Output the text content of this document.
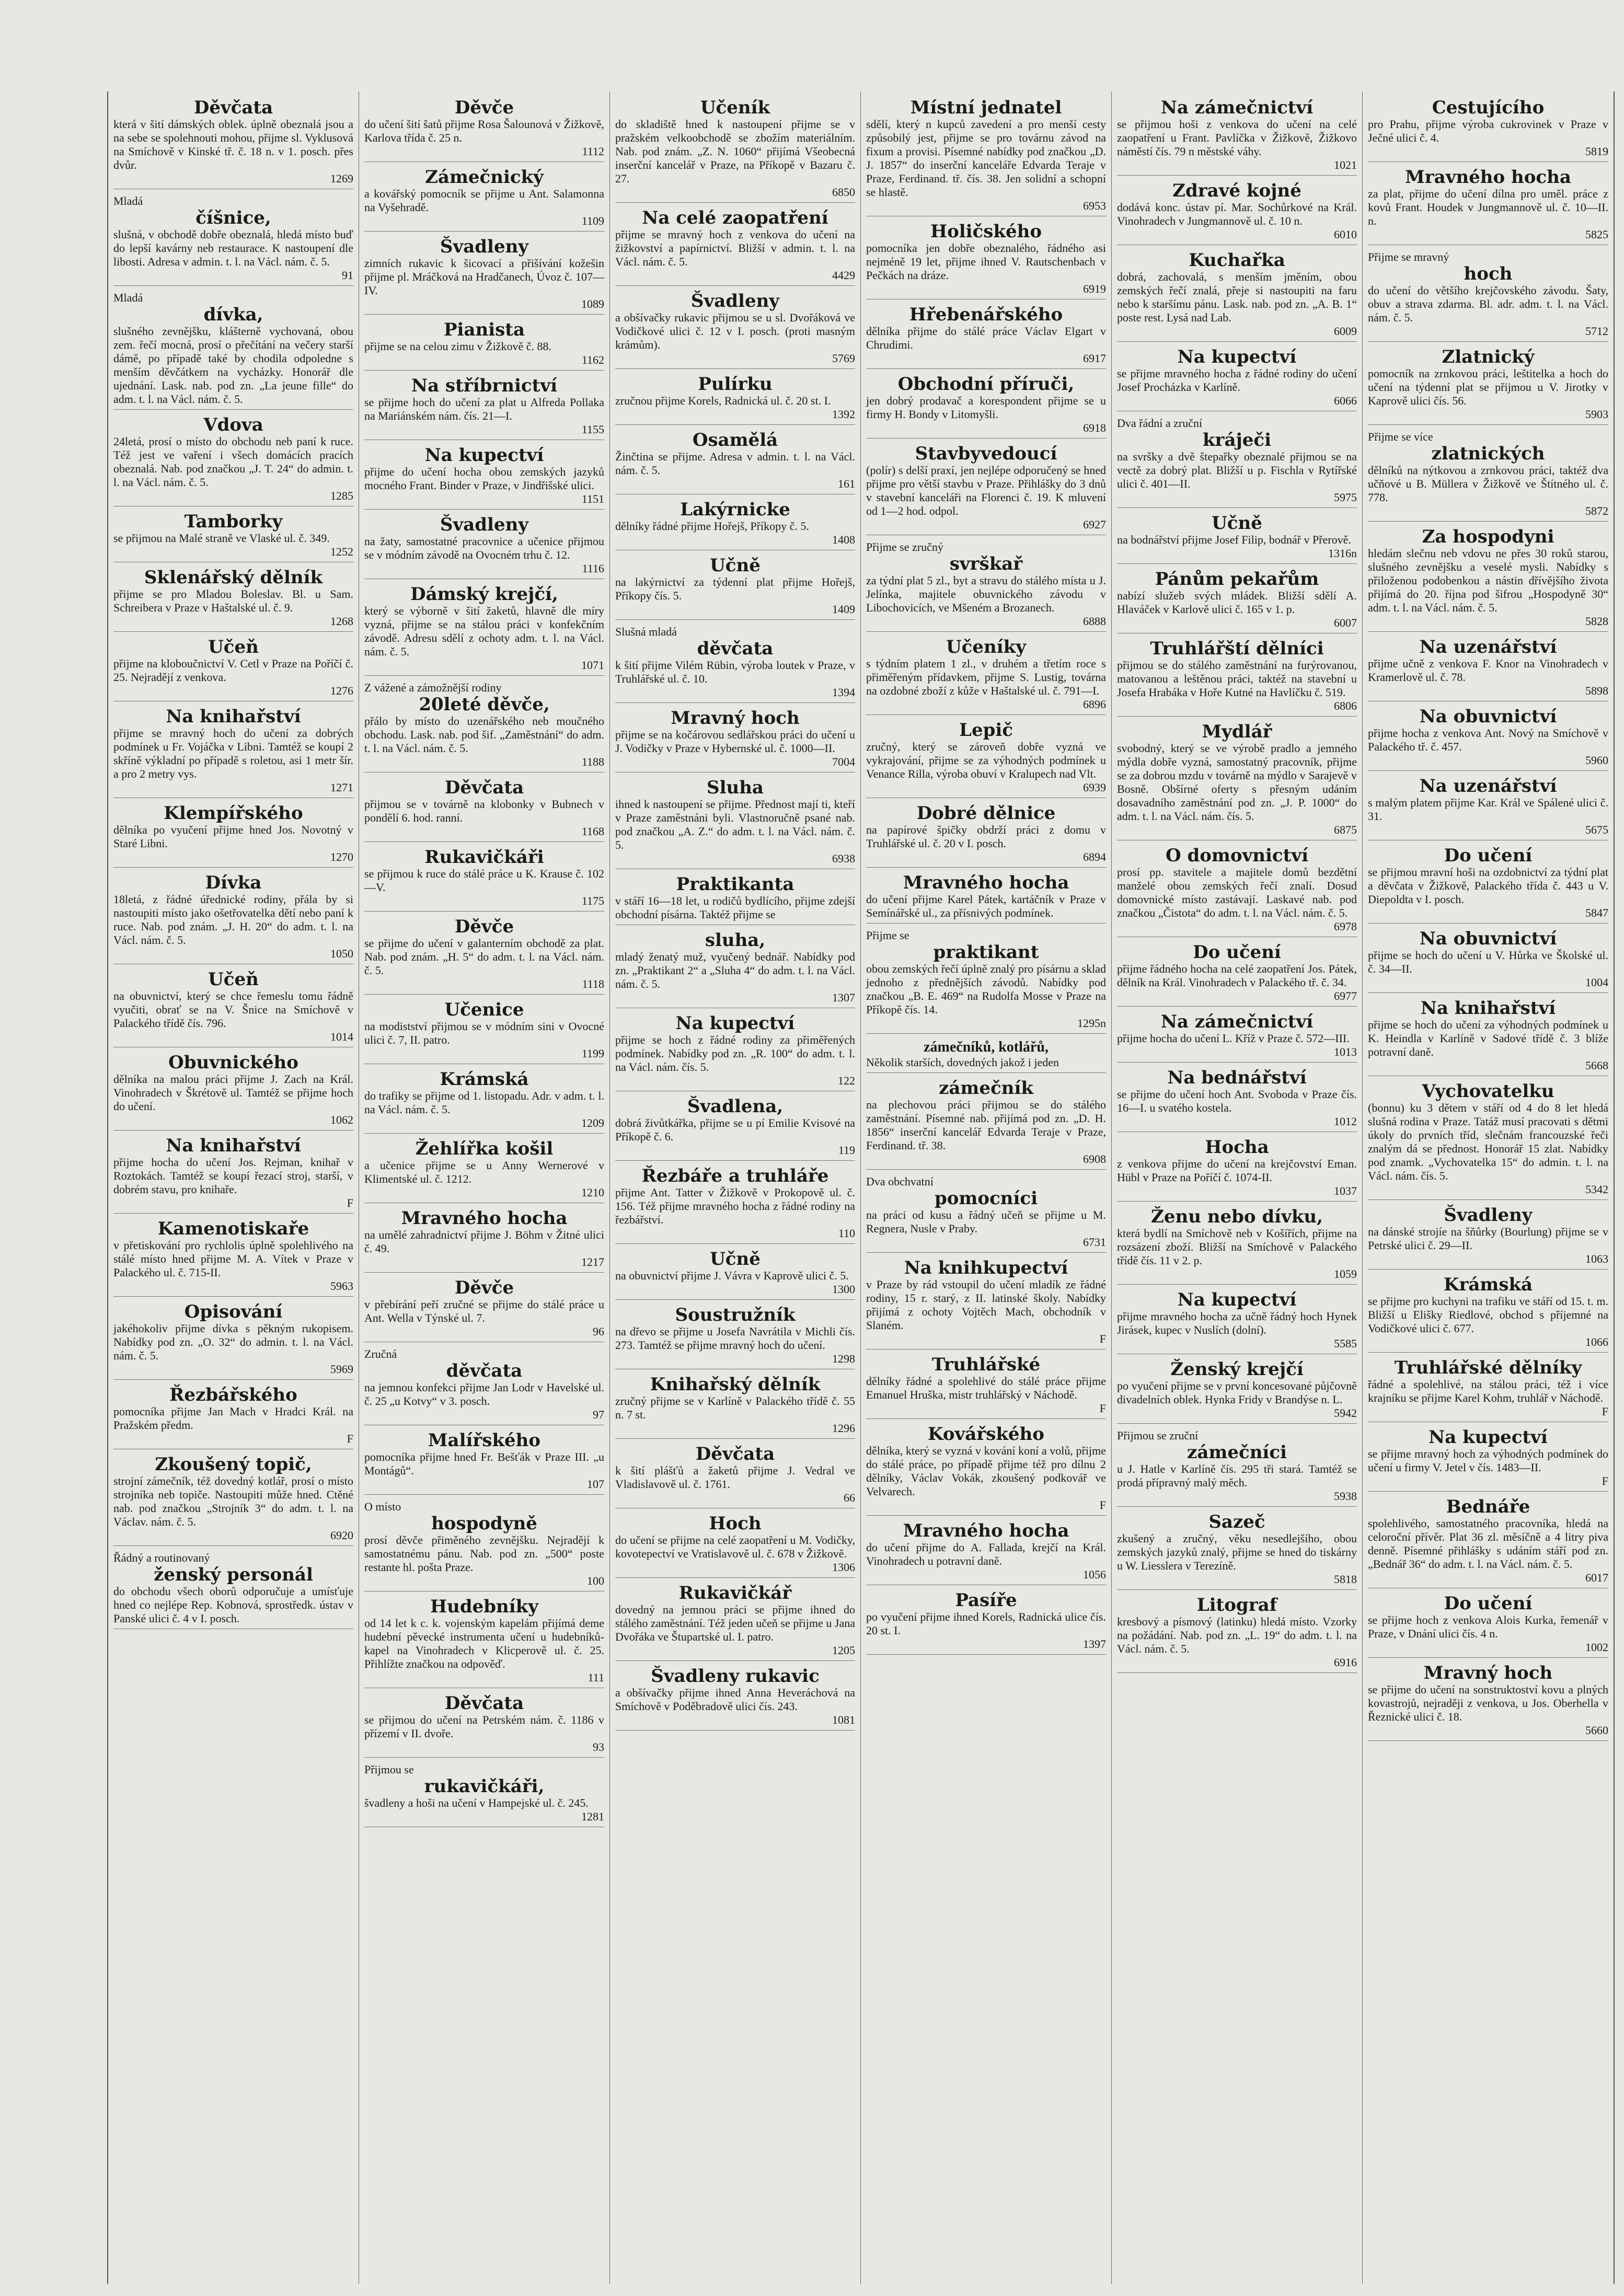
Děvčata
která v šití dámských oblek. úplně obeznalá jsou a na sebe se spolehnouti mohou, přijme sl. Vyklusová na Smíchově v Kinské tř. č. 18 n. v 1. posch. přes dvůr.
1269
Mladá
číšnice,
slušná, v obchodě dobře obeznalá, hledá místo buď do lepší kavárny neb restaurace. K nastoupení dle libosti. Adresa v admin. t. l. na Václ. nám. č. 5.
91
Mladá
dívka,
slušného zevnějšku, klášterně vychovaná, obou zem. řečí mocná, prosí o přečítání na večery starší dámě, po případě také by chodila odpoledne s menším děvčátkem na vycházky. Honorář dle ujednání. Lask. nab. pod zn. „La jeune fille“ do adm. t. l. na Václ. nám. č. 5.
Vdova
24letá, prosí o místo do obchodu neb paní k ruce. Též jest ve vaření i všech domácích pracích obeznalá. Nab. pod značkou „J. T. 24“ do admin. t. l. na Václ. nám. č. 5.
1285
Tamborky
se přijmou na Malé straně ve Vlaské ul. č. 349.
1252
Sklenářský dělník
přijme se pro Mladou Boleslav. Bl. u Sam. Schreibera v Praze v Haštalské ul. č. 9.
1268
Učeň
přijme na kloboučnictví V. Cetl v Praze na Poříčí č. 25. Nejradějí z venkova.
1276
Na knihařství
přijme se mravný hoch do učení za dobrých podmínek u Fr. Vojáčka v Libni. Tamtéž se koupí 2 skříně výkladní po případě s roletou, asi 1 metr šír. a pro 2 metry vys.
1271
Klempířského
dělníka po vyučení přijme hned Jos. Novotný v Staré Libni.
1270
Dívka
18letá, z řádné úřednické rodiny, přála by si nastoupiti místo jako ošetřovatelka dětí nebo paní k ruce. Nab. pod znám. „J. H. 20“ do adm. t. l. na Václ. nám. č. 5.
1050
Učeň
na obuvnictví, který se chce řemeslu tomu řádně vyučiti, obrať se na V. Šnice na Smíchově v Palackého třídě čís. 796.
1014
Obuvnického
dělníka na malou práci přijme J. Zach na Král. Vinohradech v Škrétově ul. Tamtéž se přijme hoch do učení.
1062
Na knihařství
přijme hocha do učení Jos. Rejman, knihař v Roztokách. Tamtéž se koupí řezací stroj, starší, v dobrém stavu, pro knihaře.
F
Kamenotiskaře
v přetiskování pro rychlolis úplně spolehlivého na stálé místo hned přijme M. A. Vítek v Praze v Palackého ul. č. 715-II.
5963
Opisování
jakéhokoliv přijme dívka s pěkným rukopisem. Nabídky pod zn. „O. 32“ do admin. t. l. na Václ. nám. č. 5.
5969
Řezbářského
pomocníka přijme Jan Mach v Hradci Král. na Pražském předm.
F
Zkoušený topič,
strojní zámečník, též dovedný kotlář, prosí o místo strojníka neb topiče. Nastoupiti může hned. Ctěné nab. pod značkou „Strojník 3“ do adm. t. l. na Václav. nám. č. 5.
6920
Řádný a routinovaný
ženský personál
do obchodu všech oborů odporučuje a umísťuje hned co nejlépe Rep. Kobnová, sprostředk. ústav v Panské ulici č. 4 v I. posch.
Děvče
do učení šití šatů přijme Rosa Šalounová v Žižkově, Karlova třída č. 25 n.
1112
Zámečnický
a kovářský pomocník se přijme u Ant. Salamonna na Vyšehradě.
1109
Švadleny
zimních rukavic k šicovací a přišívání kožešin přijme pl. Mráčková na Hradčanech, Úvoz č. 107—IV.
1089
Pianista
přijme se na celou zimu v Žižkově č. 88.
1162
Na stříbrnictví
se přijme hoch do učení za plat u Alfreda Pollaka na Mariánském nám. čís. 21—I.
1155
Na kupectví
přijme do učení hocha obou zemských jazyků mocného Frant. Binder v Praze, v Jindřišské ulici.
1151
Švadleny
na žaty, samostatné pracovnice a učenice přijmou se v módním závodě na Ovocném trhu č. 12.
1116
Dámský krejčí,
který se výborně v šití žaketů, hlavně dle míry vyzná, přijme se na stálou práci v konfekčním závodě. Adresu sdělí z ochoty adm. t. l. na Václ. nám. č. 5.
1071
Z vážené a zámožnější rodiny
20leté děvče,
přálo by místo do uzenářského neb moučného obchodu. Lask. nab. pod šif. „Zaměstnání“ do adm. t. l. na Václ. nám. č. 5.
1188
Děvčata
přijmou se v továrně na klobonky v Bubnech v pondělí 6. hod. ranní.
1168
Rukavičkáři
se přijmou k ruce do stálé práce u K. Krause č. 102—V.
1175
Děvče
se přijme do učení v galanterním obchodě za plat. Nab. pod znám. „H. 5“ do adm. t. l. na Václ. nám. č. 5.
1118
Učenice
na modistství přijmou se v módním sini v Ovocné ulici č. 7, II. patro.
1199
Krámská
do trafiky se přijme od 1. listopadu. Adr. v adm. t. l. na Václ. nám. č. 5.
1209
Žehlířka košil
a učenice přijme se u Anny Wernerové v Klimentské ul. č. 1212.
1210
Mravného hocha
na umělé zahradnictví přijme J. Böhm v Žitné ulici č. 49.
1217
Děvče
v přebírání peří zručné se přijme do stálé práce u Ant. Wella v Týnské ul. 7.
96
Zručná
děvčata
na jemnou konfekci přijme Jan Lodr v Havelské ul. č. 25 „u Kotvy“ v 3. posch.
97
Malířského
pomocníka přijme hned Fr. Bešťák v Praze III. „u Montágů“.
107
O místo
hospodyně
prosí děvče přiměného zevnějšku. Nejradějí k samostatnému pánu. Nab. pod zn. „500“ poste restante hl. pošta Praze.
100
Hudebníky
od 14 let k c. k. vojenským kapelám přijímá deme hudební pěvecké instrumenta učení u hudebníků-kapel na Vinohradech v Klicperově ul. č. 25. Přihlížte značkou na odpověď.
111
Děvčata
se přijmou do učení na Petrském nám. č. 1186 v přízemí v II. dvoře.
93
Přijmou se
rukavičkáři,
švadleny a hoši na učení v Hampejské ul. č. 245.
1281
Učeník
do skladiště hned k nastoupení přijme se v pražském velkoobchodě se zbožím materiálním. Nab. pod znám. „Z. N. 1060“ přijímá Všeobecná inserční kancelář v Praze, na Příkopě v Bazaru č. 27.
6850
Na celé zaopatření
přijme se mravný hoch z venkova do učení na žižkovství a papírnictví. Bližší v admin. t. l. na Václ. nám. č. 5.
4429
Švadleny
a obšívačky rukavic přijmou se u sl. Dvořáková ve Vodičkové ulici č. 12 v I. posch. (proti masným krámům).
5769
Pulírku
zručnou přijme Korels, Radnická ul. č. 20 st. I.
1392
Osamělá
Žinčtina se přijme. Adresa v admin. t. l. na Václ. nám. č. 5.
161
Lakýrnicke
dělníky řádné přijme Hořejš, Příkopy č. 5.
1408
Učně
na lakýrnictví za týdenní plat přijme Hořejš, Příkopy čís. 5.
1409
Slušná mladá
děvčata
k šití přijme Vilém Rübin, výroba loutek v Praze, v Truhlářské ul. č. 10.
1394
Mravný hoch
přijme se na kočárovou sedlářskou práci do učení u J. Vodičky v Praze v Hybernské ul. č. 1000—II.
7004
Sluha
ihned k nastoupení se přijme. Přednost mají ti, kteří v Praze zaměstnáni byli. Vlastnoručně psané nab. pod značkou „A. Z.“ do adm. t. l. na Václ. nám. č. 5.
6938
Praktikanta
v stáří 16—18 let, u rodičů bydlícího, přijme zdejší obchodní písárna. Taktéž přijme se
sluha,
mladý ženatý muž, vyučený bednář. Nabídky pod zn. „Praktikant 2“ a „Sluha 4“ do adm. t. l. na Václ. nám. č. 5.
1307
Na kupectví
přijme se hoch z řádné rodiny za přiměřených podmínek. Nabídky pod zn. „R. 100“ do adm. t. l. na Václ. nám. čís. 5.
122
Švadlena,
dobrá živůtkářka, přijme se u pí Emilie Kvisové na Příkopě č. 6.
119
Řezbáře a truhláře
přijme Ant. Tatter v Žižkově v Prokopově ul. č. 156. Též přijme mravného hocha z řádné rodiny na řezbářství.
110
Učně
na obuvnictví přijme J. Vávra v Kaprově ulici č. 5.
1300
Soustružník
na dřevo se přijme u Josefa Navrátila v Michli čís. 273. Tamtéž se přijme mravný hoch do učení.
1298
Knihařský dělník
zručný přijme se v Karlíně v Palackého třídě č. 55 n. 7 st.
1296
Děvčata
k šití plášťů a žaketů přijme J. Vedral ve Vladislavově ul. č. 1761.
66
Hoch
do učení se přijme na celé zaopatření u M. Vodičky, kovotepectví ve Vratislavově ul. č. 678 v Žižkově.
1306
Rukavičkář
dovedný na jemnou práci se přijme ihned do stálého zaměstnání. Též jeden učeň se přijme u Jana Dvořáka ve Štupartské ul. I. patro.
1205
Švadleny rukavic
a obšívačky přijme ihned Anna Heveráchová na Smíchově v Poděbradově ulici čís. 243.
1081
Místní jednatel
sdělí, který n kupců zavedení a pro menší cesty způsobilý jest, přijme se pro továrnu závod na fixum a provisi. Písemné nabídky pod značkou „D. J. 1857“ do inserční kanceláře Edvarda Teraje v Praze, Ferdinand. tř. čís. 38. Jen solidní a schopní se hlastě.
6953
Holičského
pomocníka jen dobře obeznalého, řádného asi nejméně 19 let, přijme ihned V. Rautschenbach v Pečkách na dráze.
6919
Hřebenářského
dělníka přijme do stálé práce Václav Elgart v Chrudimi.
6917
Obchodní příruči,
jen dobrý prodavač a korespondent přijme se u firmy H. Bondy v Litomyšli.
6918
Stavbyvedoucí
(polír) s delší praxí, jen nejlépe odporučený se hned přijme pro větší stavbu v Praze. Přihlášky do 3 dnů v stavební kanceláři na Florenci č. 19. K mluvení od 1—2 hod. odpol.
6927
Přijme se zručný
svrškař
za týdní plat 5 zl., byt a stravu do stálého místa u J. Jelínka, majitele obuvnického závodu v Libochovicích, ve Mšeném a Brozanech.
6888
Učeníky
s týdním platem 1 zl., v druhém a třetím roce s přiměřeným přídavkem, přijme S. Lustig, továrna na ozdobné zboží z kůže v Haštalské ul. č. 791—I.
6896
Lepič
zručný, který se zároveň dobře vyzná ve vykrajování, přijme se za výhodných podmínek u Venance Rilla, výroba obuví v Kralupech nad Vlt.
6939
Dobré dělnice
na papírové špičky obdrží práci z domu v Truhlářské ul. č. 20 v I. posch.
6894
Mravného hocha
do učení přijme Karel Pátek, kartáčník v Praze v Semínářské ul., za přísnivých podmínek.
Přijme se
praktikant
obou zemských řečí úplně znalý pro písárnu a sklad jednoho z přednějších závodů. Nabídky pod značkou „B. E. 469“ na Rudolfa Mosse v Praze na Příkopě čís. 14.
1295n
zámečníků, kotlářů,
Několik starších, dovedných jakož i jeden
zámečník
na plechovou práci přijmou se do stálého zaměstnání. Písemné nab. přijímá pod zn. „D. H. 1856“ inserční kancelář Edvarda Teraje v Praze, Ferdinand. tř. 38.
6908
Dva obchvatní
pomocníci
na práci od kusu a řádný učeň se přijme u M. Regnera, Nusle v Praby.
6731
Na knihkupectví
v Praze by rád vstoupil do učení mladík ze řádné rodiny, 15 r. starý, z II. latinské školy. Nabídky přijímá z ochoty Vojtěch Mach, obchodník v Slaném.
F
Truhlářské
dělníky řádné a spolehlivé do stálé práce přijme Emanuel Hruška, mistr truhlářský v Náchodě.
F
Kovářského
dělníka, který se vyzná v kování koní a volů, přijme do stálé práce, po případě přijme též pro dílnu 2 dělníky, Václav Vokák, zkoušený podkovář ve Velvarech.
F
Mravného hocha
do učení přijme do A. Fallada, krejčí na Král. Vinohradech u potravní daně.
1056
Pasíře
po vyučení přijme ihned Korels, Radnická ulice čís. 20 st. I.
1397
Na zámečnictví
se přijmou hoši z venkova do učení na celé zaopatření u Frant. Pavlíčka v Žižkově, Žižkovo náměstí čís. 79 n městské váhy.
1021
Zdravé kojné
dodává konc. ústav pí. Mar. Sochůrkové na Král. Vinohradech v Jungmannově ul. č. 10 n.
6010
Kuchařka
dobrá, zachovalá, s menším jměním, obou zemských řečí znalá, přeje si nastoupiti na faru nebo k staršímu pánu. Lask. nab. pod zn. „A. B. 1“ poste rest. Lysá nad Lab.
6009
Na kupectví
se přijme mravného hocha z řádné rodiny do učení Josef Procházka v Karlíně.
6066
Dva řádní a zruční
kráječi
na svršky a dvě štepařky obeznalé přijmou se na vectě za dobrý plat. Bližší u p. Fischla v Rytířské ulici č. 401—II.
5975
Učně
na bodnářství přijme Josef Filip, bodnář v Přerově.
1316n
Pánům pekařům
nabízí služeb svých mládek. Bližší sdělí A. Hlaváček v Karlově ulici č. 165 v 1. p.
6007
Truhlářští dělníci
přijmou se do stálého zaměstnání na furýrovanou, matovanou a leštěnou práci, taktéž na stavební u Josefa Hrabáka v Hoře Kutné na Havlíčku č. 519.
6806
Mydlář
svobodný, který se ve výrobě pradlo a jemného mýdla dobře vyzná, samostatný pracovník, přijme se za dobrou mzdu v továrně na mýdlo v Sarajevě v Bosně. Obšírné oferty s přesným udáním dosavadního zaměstnání pod zn. „J. P. 1000“ do adm. t. l. na Václ. nám. čís. 5.
6875
O domovnictví
prosí pp. stavitele a majitele domů bezdětní manželé obou zemských řečí znalí. Dosud domovnické místo zastávají. Laskavé nab. pod značkou „Čistota“ do adm. t. l. na Václ. nám. č. 5.
6978
Do učení
přijme řádného hocha na celé zaopatření Jos. Pátek, dělník na Král. Vinohradech v Palackého tř. č. 34.
6977
Na zámečnictví
přijme hocha do učení L. Kříž v Praze č. 572—III.
1013
Na bednářství
se přijme do učení hoch Ant. Svoboda v Praze čís. 16—I. u svatého kostela.
1012
Hocha
z venkova přijme do učení na krejčovství Eman. Hübl v Praze na Poříčí č. 1074-II.
1037
Ženu nebo dívku,
která bydlí na Smíchově neb v Košířích, přijme na rozsázení zboží. Bližší na Smíchově v Palackého třídě čís. 11 v 2. p.
1059
Na kupectví
přijme mravného hocha za učně řádný hoch Hynek Jirásek, kupec v Nuslích (dolní).
5585
Ženský krejčí
po vyučení přijme se v první koncesované půjčovně divadelních oblek. Hynka Fridy v Brandýse n. L.
5942
Přijmou se zruční
zámečníci
u J. Hatle v Karlíně čís. 295 tři stará. Tamtéž se prodá přípravný malý měch.
5938
Sazeč
zkušený a zručný, věku nesedlejšího, obou zemských jazyků znalý, přijme se hned do tiskárny u W. Liesslera v Terezíně.
5818
Litograf
kresbový a písmový (latinku) hledá místo. Vzorky na požádání. Nab. pod zn. „L. 19“ do adm. t. l. na Václ. nám. č. 5.
6916
Cestujícího
pro Prahu, přijme výroba cukrovinek v Praze v Ječné ulici č. 4.
5819
Mravného hocha
za plat, přijme do učení dílna pro uměl. práce z kovů Frant. Houdek v Jungmannově ul. č. 10—II. n.
5825
Přijme se mravný
hoch
do učení do většího krejčovského závodu. Šaty, obuv a strava zdarma. Bl. adr. adm. t. l. na Václ. nám. č. 5.
5712
Zlatnický
pomocník na zrnkovou práci, leštitelka a hoch do učení na týdenní plat se přijmou u V. Jirotky v Kaprově ulici čís. 56.
5903
Přijme se více
zlatnických
dělníků na nýtkovou a zrnkovou práci, taktéž dva učňové u B. Müllera v Žižkově ve Štítného ul. č. 778.
5872
Za hospodyni
hledám slečnu neb vdovu ne přes 30 roků starou, slušného zevnějšku a veselé mysli. Nabídky s přiloženou podobenkou a nástin dřívějšího života přijímá do 20. října pod šifrou „Hospodyně 30“ adm. t. l. na Václ. nám. č. 5.
5828
Na uzenářství
přijme učně z venkova F. Knor na Vinohradech v Kramerlově ul. č. 78.
5898
Na obuvnictví
přijme hocha z venkova Ant. Nový na Smíchově v Palackého tř. č. 457.
5960
Na uzenářství
s malým platem přijme Kar. Král ve Spálené ulici č. 31.
5675
Do učení
se přijmou mravní hoši na ozdobnictví za týdní plat a děvčata v Žižkově, Palackého třída č. 443 u V. Diepoldta v I. posch.
5847
Na obuvnictví
přijme se hoch do učení u V. Hůrka ve Školské ul. č. 34—II.
1004
Na knihařství
přijme se hoch do učení za výhodných podmínek u K. Heindla v Karlíně v Sadové třídě č. 3 blíže potravní daně.
5668
Vychovatelku
(bonnu) ku 3 dětem v stáří od 4 do 8 let hledá slušná rodina v Praze. Tatáž musí pracovati s dětmi úkoly do prvních tříd, slečnám francouzské řeči znalým dá se přednost. Honorář 15 zlat. Nabídky pod znamk. „Vychovatelka 15“ do admin. t. l. na Václ. nám. čís. 5.
5342
Švadleny
na dánské strojíe na šňůrky (Bourlung) přijme se v Petrské ulici č. 29—II.
1063
Krámská
se přijme pro kuchyni na trafiku ve stáří od 15. t. m. Bližší u Elišky Riedlové, obchod s příjemné na Vodičkové ulici č. 677.
1066
Truhlářské dělníky
řádné a spolehlivé, na stálou práci, též i více krajníku se přijme Karel Kohm, truhlář v Náchodě.
F
Na kupectví
se přijme mravný hoch za výhodných podmínek do učení u firmy V. Jetel v čís. 1483—II.
F
Bednáře
spolehlivého, samostatného pracovníka, hledá na celoroční přívěr. Plat 36 zl. měsíčně a 4 litry piva denně. Písemné přihlášky s udáním stáří pod zn. „Bednář 36“ do adm. t. l. na Václ. nám. č. 5.
6017
Do učení
se přijme hoch z venkova Alois Kurka, řemenář v Praze, v Dnání ulici čís. 4 n.
1002
Mravný hoch
se přijme do učení na sonstruktoství kovu a plných kovastrojů, nejraději z venkova, u Jos. Oberhella v Řeznické ulici č. 18.
5660
